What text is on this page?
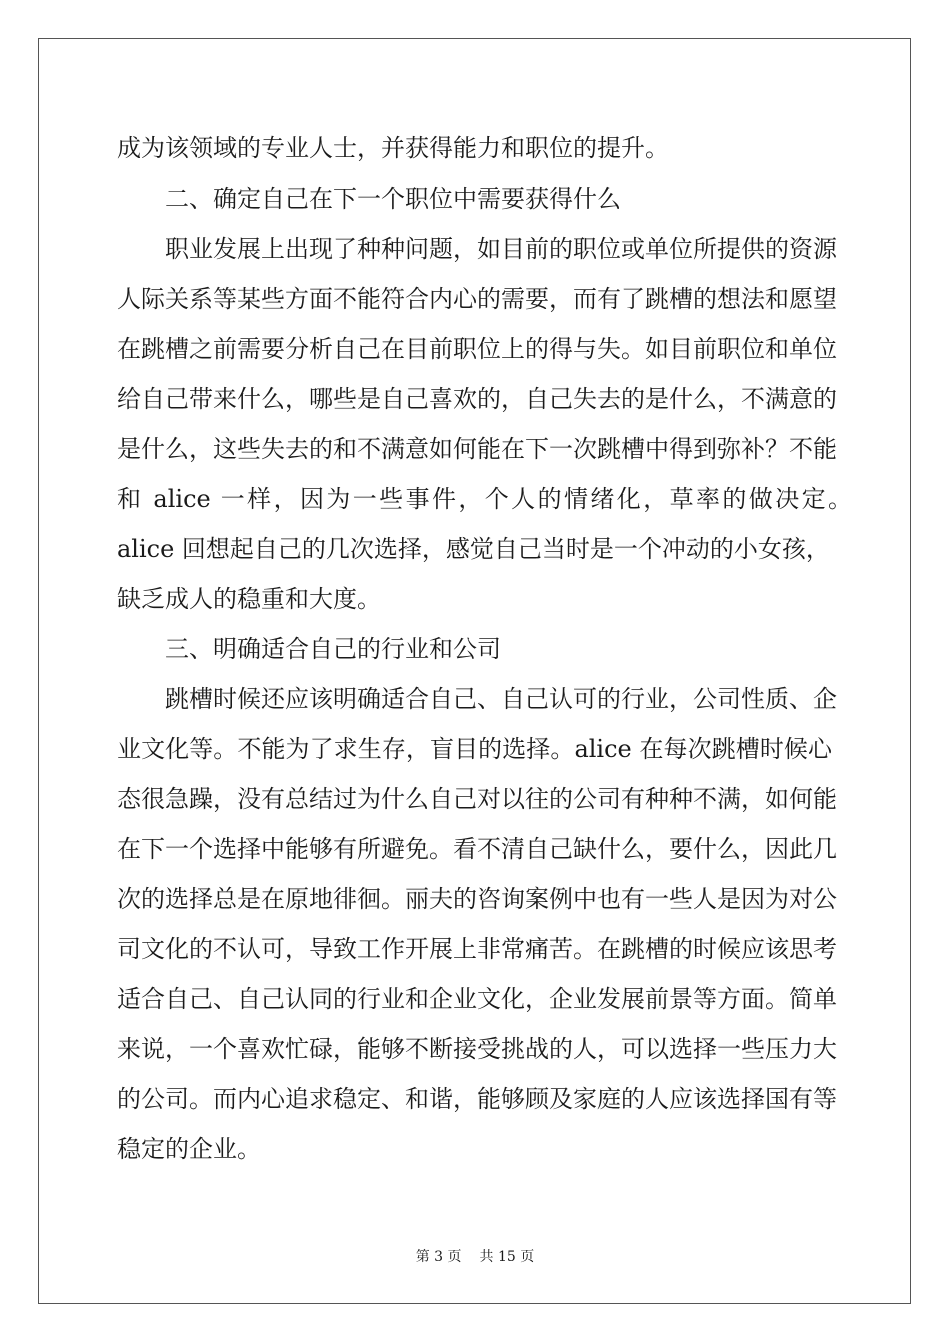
成为该领域的专业人士，并获得能力和职位的提升。
二、确定自己在下一个职位中需要获得什么
职业发展上出现了种种问题，如目前的职位或单位所提供的资源
人际关系等某些方面不能符合内心的需要，而有了跳槽的想法和愿望
在跳槽之前需要分析自己在目前职位上的得与失。如目前职位和单位
给自己带来什么，哪些是自己喜欢的，自己失去的是什么，不满意的
是什么，这些失去的和不满意如何能在下一次跳槽中得到弥补？不能
和 alice 一样，因为一些事件，个人的情绪化，草率的做决定。
alice 回想起自己的几次选择，感觉自己当时是一个冲动的小女孩，
缺乏成人的稳重和大度。
三、明确适合自己的行业和公司
跳槽时候还应该明确适合自己、自己认可的行业，公司性质、企
业文化等。不能为了求生存，盲目的选择。alice 在每次跳槽时候心
态很急躁，没有总结过为什么自己对以往的公司有种种不满，如何能
在下一个选择中能够有所避免。看不清自己缺什么，要什么，因此几
次的选择总是在原地徘徊。丽夫的咨询案例中也有一些人是因为对公
司文化的不认可，导致工作开展上非常痛苦。在跳槽的时候应该思考
适合自己、自己认同的行业和企业文化，企业发展前景等方面。简单
来说，一个喜欢忙碌，能够不断接受挑战的人，可以选择一些压力大
的公司。而内心追求稳定、和谐，能够顾及家庭的人应该选择国有等
稳定的企业。
第 3 页 共 15 页
